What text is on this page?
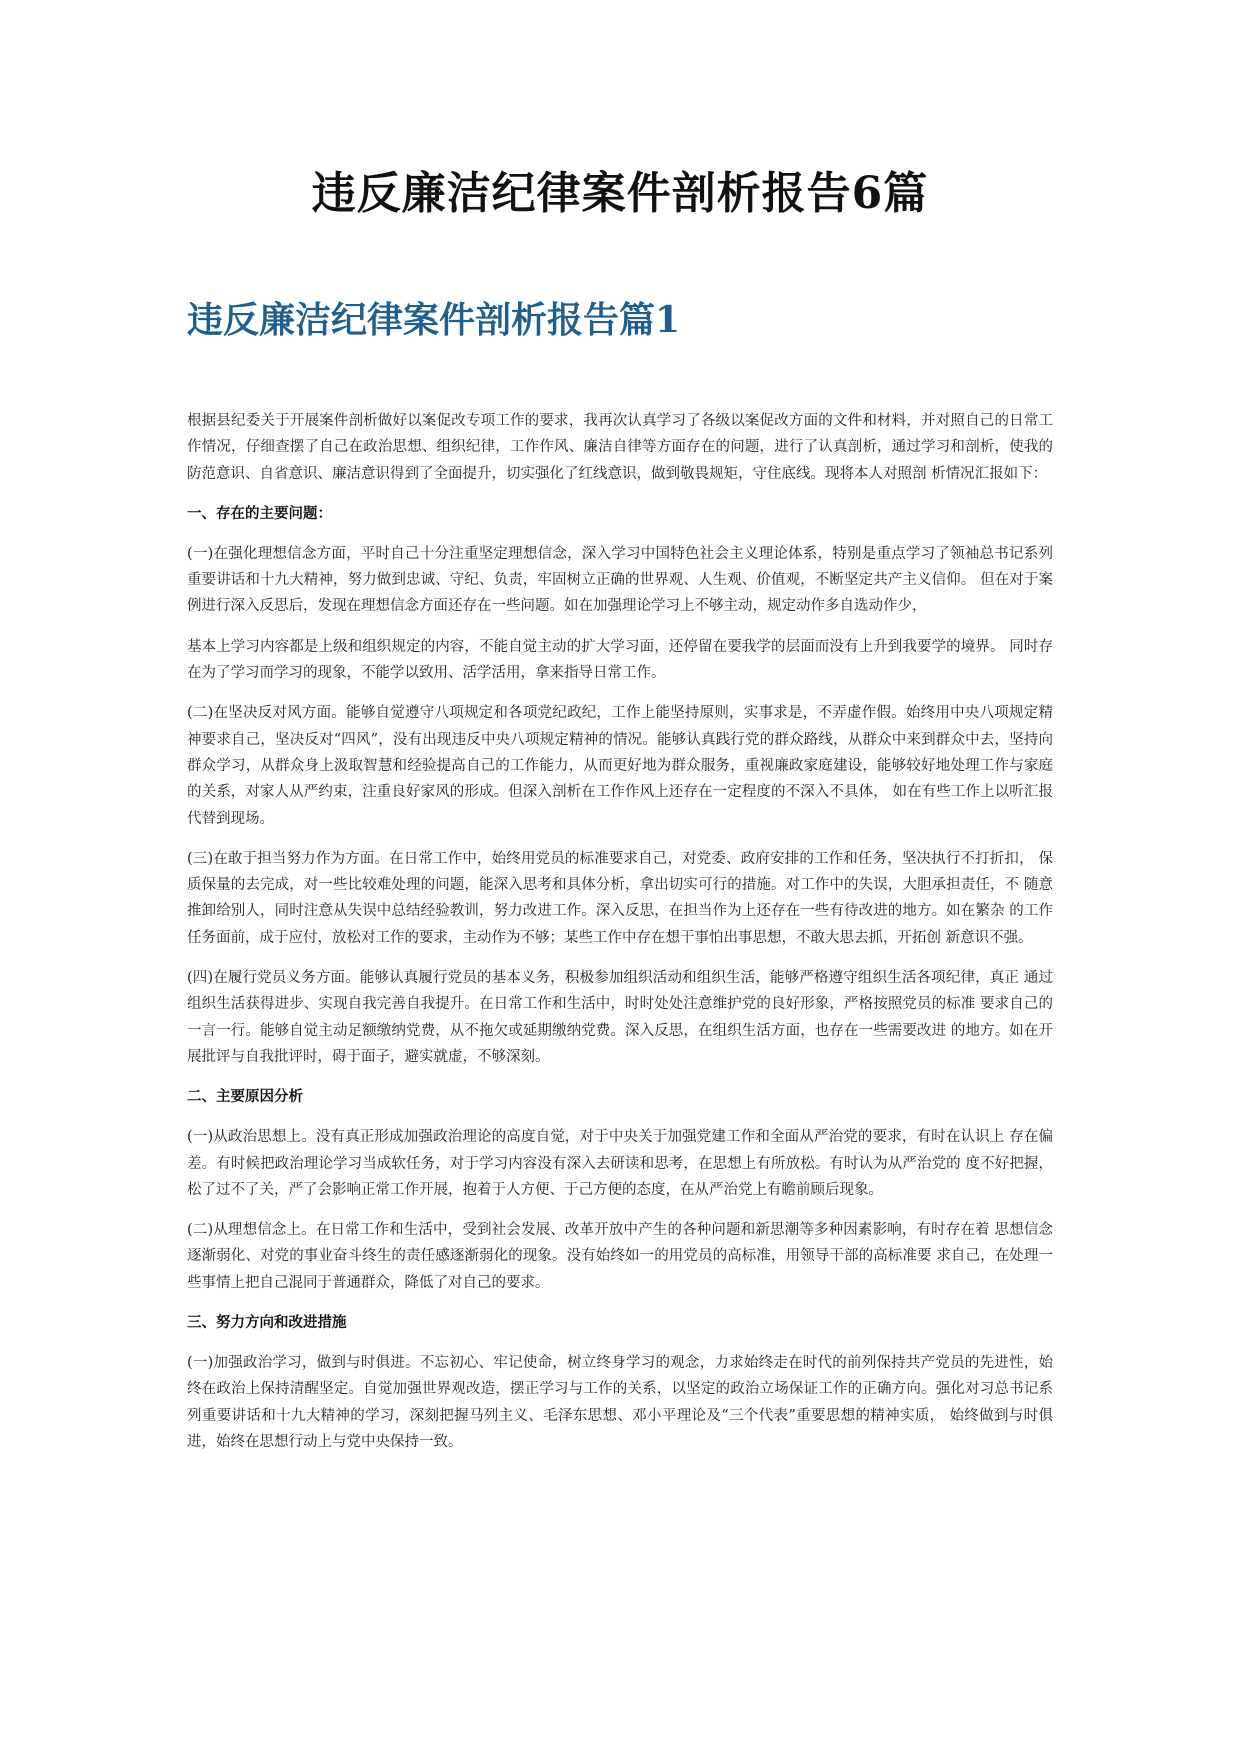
违反廉洁纪律案件剖析报告6篇
违反廉洁纪律案件剖析报告篇1

根据县纪委关于开展案件剖析做好以案促改专项工作的要求，我再次认真学习了各级以案促改方面的文件和材料，并对照自己的日常工作情况，仔细查摆了自己在政治思想、组织纪律，工作作风、廉洁自律等方面存在的问题，进行了认真剖析，通过学习和剖析，使我的防范意识、自省意识、廉洁意识得到了全面提升，切实强化了红线意识，做到敬畏规矩，守住底线。现将本人对照剖 析情况汇报如下：

一、存在的主要问题：

(一)在强化理想信念方面，平时自己十分注重坚定理想信念，深入学习中国特色社会主义理论体系，特别是重点学习了领袖总书记系列重要讲话和十九大精神，努力做到忠诚、守纪、负责，牢固树立正确的世界观、人生观、价值观，不断坚定共产主义信仰。 但在对于案例进行深入反思后，发现在理想信念方面还存在一些问题。如在加强理论学习上不够主动，规定动作多自选动作少，

基本上学习内容都是上级和组织规定的内容，不能自觉主动的扩大学习面，还停留在要我学的层面而没有上升到我要学的境界。 同时存在为了学习而学习的现象，不能学以致用、活学活用，拿来指导日常工作。

(二)在坚决反对风方面。能够自觉遵守八项规定和各项党纪政纪，工作上能坚持原则，实事求是，不弄虚作假。始终用中央八项规定精神要求自己，坚决反对“四风”，没有出现违反中央八项规定精神的情况。能够认真践行党的群众路线，从群众中来到群众中去，坚持向群众学习，从群众身上汲取智慧和经验提高自己的工作能力，从而更好地为群众服务，重视廉政家庭建设，能够较好地处理工作与家庭的关系，对家人从严约束，注重良好家风的形成。但深入剖析在工作作风上还存在一定程度的不深入不具体， 如在有些工作上以听汇报代替到现场。

(三)在敢于担当努力作为方面。在日常工作中，始终用党员的标准要求自己，对党委、政府安排的工作和任务，坚决执行不打折扣， 保质保量的去完成，对一些比较难处理的问题，能深入思考和具体分析，拿出切实可行的措施。对工作中的失误，大胆承担责任，不 随意推卸给别人，同时注意从失误中总结经验教训，努力改进工作。深入反思，在担当作为上还存在一些有待改进的地方。如在繁杂 的工作任务面前，成于应付，放松对工作的要求，主动作为不够；某些工作中存在想干事怕出事思想，不敢大思去抓，开拓创 新意识不强。

(四)在履行党员义务方面。能够认真履行党员的基本义务，积极参加组织活动和组织生活，能够严格遵守组织生活各项纪律，真正 通过组织生活获得进步、实现自我完善自我提升。在日常工作和生活中，时时处处注意维护党的良好形象，严格按照党员的标准 要求自己的一言一行。能够自觉主动足额缴纳党费，从不拖欠或延期缴纳党费。深入反思，在组织生活方面，也存在一些需要改进 的地方。如在开展批评与自我批评时，碍于面子，避实就虚，不够深刻。

二、主要原因分析

(一)从政治思想上。没有真正形成加强政治理论的高度自觉，对于中央关于加强党建工作和全面从严治党的要求，有时在认识上 存在偏差。有时候把政治理论学习当成软任务，对于学习内容没有深入去研读和思考，在思想上有所放松。有时认为从严治党的 度不好把握，松了过不了关，严了会影响正常工作开展，抱着于人方便、于己方便的态度，在从严治党上有瞻前顾后现象。

(二)从理想信念上。在日常工作和生活中，受到社会发展、改革开放中产生的各种问题和新思潮等多种因素影响，有时存在着 思想信念逐渐弱化、对党的事业奋斗终生的责任感逐渐弱化的现象。没有始终如一的用党员的高标准，用领导干部的高标准要 求自己，在处理一些事情上把自己混同于普通群众，降低了对自己的要求。

三、努力方向和改进措施

(一)加强政治学习，做到与时俱进。不忘初心、牢记使命，树立终身学习的观念，力求始终走在时代的前列保持共产党员的先进性，始终在政治上保持清醒坚定。自觉加强世界观改造，摆正学习与工作的关系，以坚定的政治立场保证工作的正确方向。强化对习总书记系列重要讲话和十九大精神的学习，深刻把握马列主义、毛泽东思想、邓小平理论及“三个代表”重要思想的精神实质， 始终做到与时俱进，始终在思想行动上与党中央保持一致。
